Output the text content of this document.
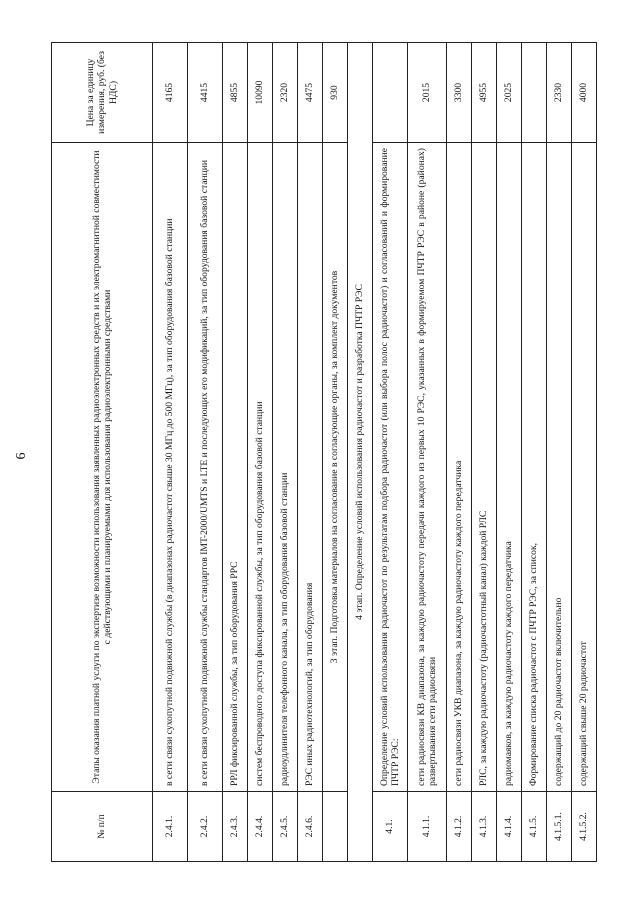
6
№ п/п	Этапы оказания платной услуги по экспертизе возможности использования заявленных радиоэлектронных средств и их электромагнитной совместимости с действующими и планируемыми для использования радиоэлектронными средствами	Цена за единицу измерения, руб. (без НДС)
2.4.1.	в сети связи сухопутной подвижной службы (в диапазонах радиочастот свыше 30 МГц до 500 МГц), за тип оборудования базовой станции	4165
2.4.2.	в сети связи сухопутной подвижной службы стандартов IMT-2000/UMTS и LTE и последующих его модификаций, за тип оборудования базовой станции	4415
2.4.3.	РРЛ фиксированной службы, за тип оборудования РРС	4855
2.4.4.	систем беспроводного доступа фиксированной службы, за тип оборудования базовой станции	10090
2.4.5.	радиоудлинителя телефонного канала, за тип оборудования базовой станции	2320
2.4.6.	РЭС иных радиотехнологий, за тип оборудования	4475
	3 этап. Подготовка материалов на согласование в согласующие органы, за комплект документов	930
4 этап. Определение условий использования радиочастот и разработка ПЧТР РЭС		
4.1.	Определение условий использования радиочастот по результатам подбора радиочастот (или выбора полос радиочастот) и согласований и формирование ПЧТР РЭС:	
4.1.1.	сети радиосвязи КВ диапазона, за каждую радиочастоту передачи каждого из первых 10 РЭС, указанных в формируемом ПЧТР РЭС в районе (районах) развертывания сети радиосвязи	2015
4.1.2.	сети радиосвязи УКВ диапазона, за каждую радиочастоту каждого передатчика	3300
4.1.3.	РЛС, за каждую радиочастоту (радиочастотный канал) каждой РЛС	4955
4.1.4.	радиомаяков, за каждую радиочастоту каждого передатчика	2025
4.1.5.	Формирование списка радиочастот с ПЧТР РЭС, за список,	
4.1.5.1.	содержащий до 20 радиочастот включительно	2330
4.1.5.2.	содержащий свыше 20 радиочастот	4000
